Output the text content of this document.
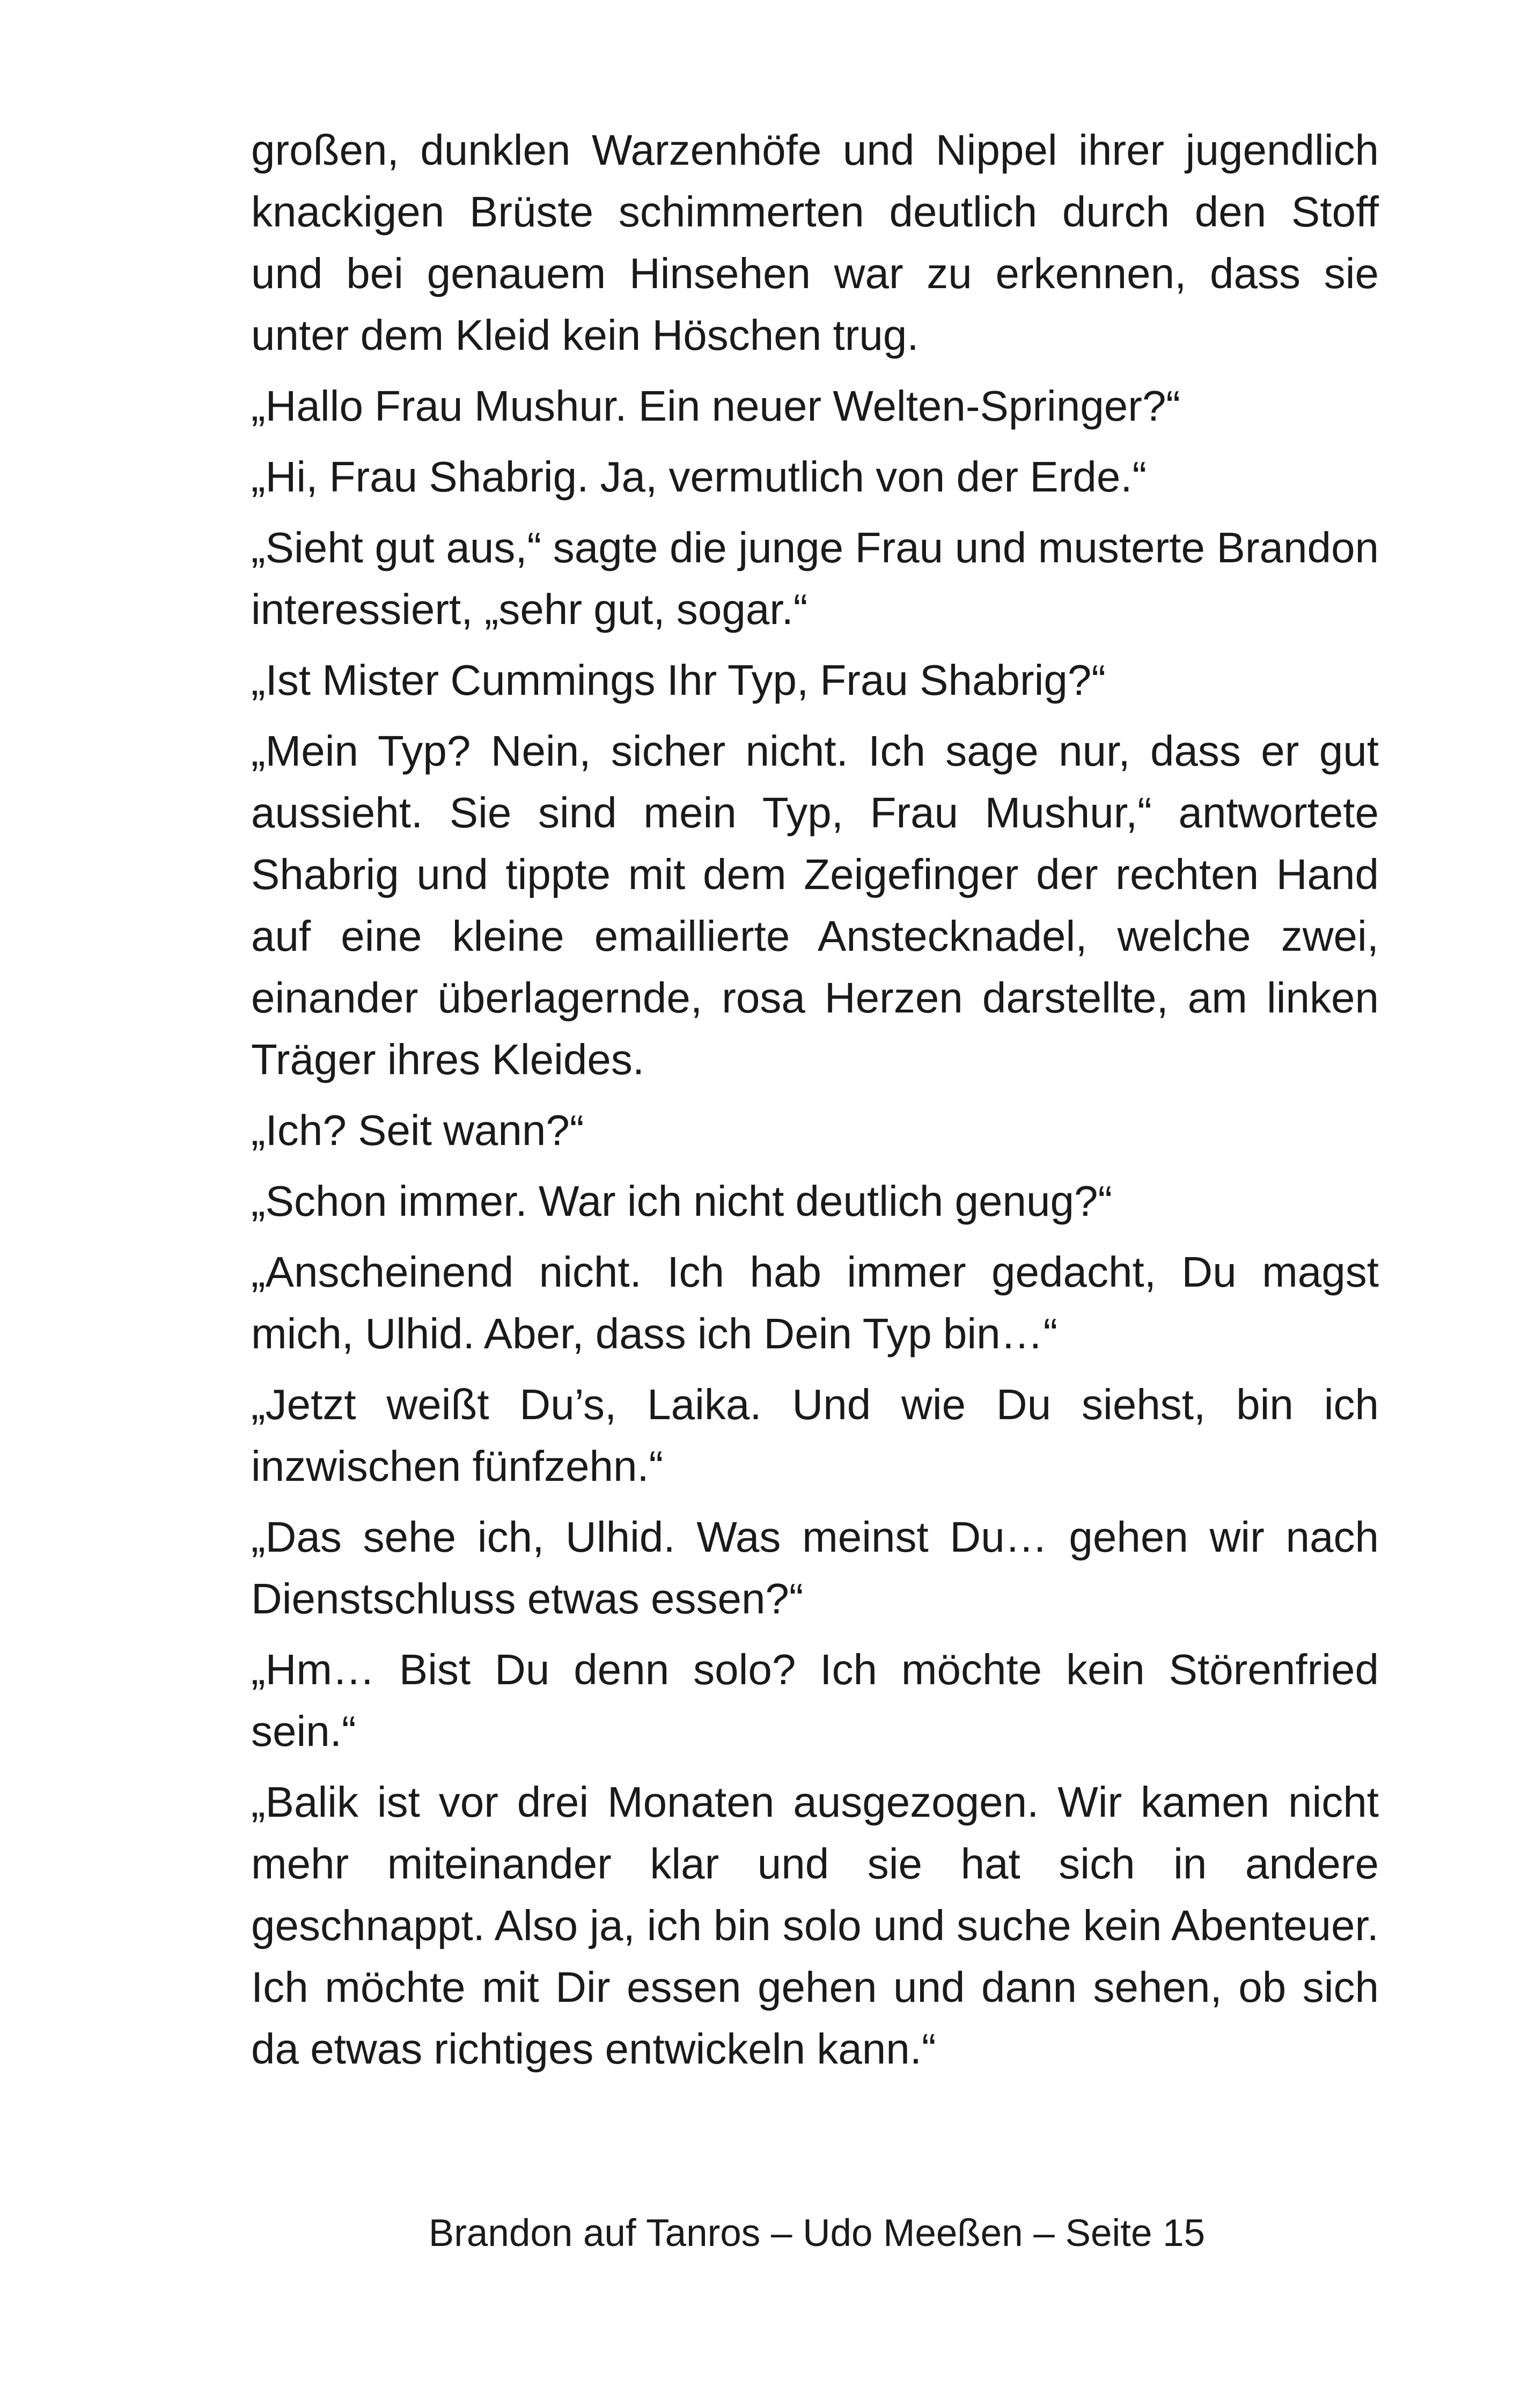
großen, dunklen Warzenhöfe und Nippel ihrer jugendlich knackigen Brüste schimmerten deutlich durch den Stoff und bei genauem Hinsehen war zu erkennen, dass sie unter dem Kleid kein Höschen trug.

„Hallo Frau Mushur. Ein neuer Welten-Springer?“

„Hi, Frau Shabrig. Ja, vermutlich von der Erde.“

„Sieht gut aus,“ sagte die junge Frau und musterte Brandon interessiert, „sehr gut, sogar.“

„Ist Mister Cummings Ihr Typ, Frau Shabrig?“

„Mein Typ? Nein, sicher nicht. Ich sage nur, dass er gut aussieht. Sie sind mein Typ, Frau Mushur,“ antwortete Shabrig und tippte mit dem Zeigefinger der rechten Hand auf eine kleine emaillierte Anstecknadel, welche zwei, einander überlagernde, rosa Herzen darstellte, am linken Träger ihres Kleides.

„Ich? Seit wann?“

„Schon immer. War ich nicht deutlich genug?“

„Anscheinend nicht. Ich hab immer gedacht, Du magst mich, Ulhid. Aber, dass ich Dein Typ bin…“

„Jetzt weißt Du’s, Laika. Und wie Du siehst, bin ich inzwischen fünfzehn.“

„Das sehe ich, Ulhid. Was meinst Du… gehen wir nach Dienstschluss etwas essen?“

„Hm… Bist Du denn solo? Ich möchte kein Störenfried sein.“

„Balik ist vor drei Monaten ausgezogen. Wir kamen nicht mehr miteinander klar und sie hat sich in andere geschnappt. Also ja, ich bin solo und suche kein Abenteuer. Ich möchte mit Dir essen gehen und dann sehen, ob sich da etwas richtiges entwickeln kann.“

Brandon auf Tanros – Udo Meeßen – Seite 15
